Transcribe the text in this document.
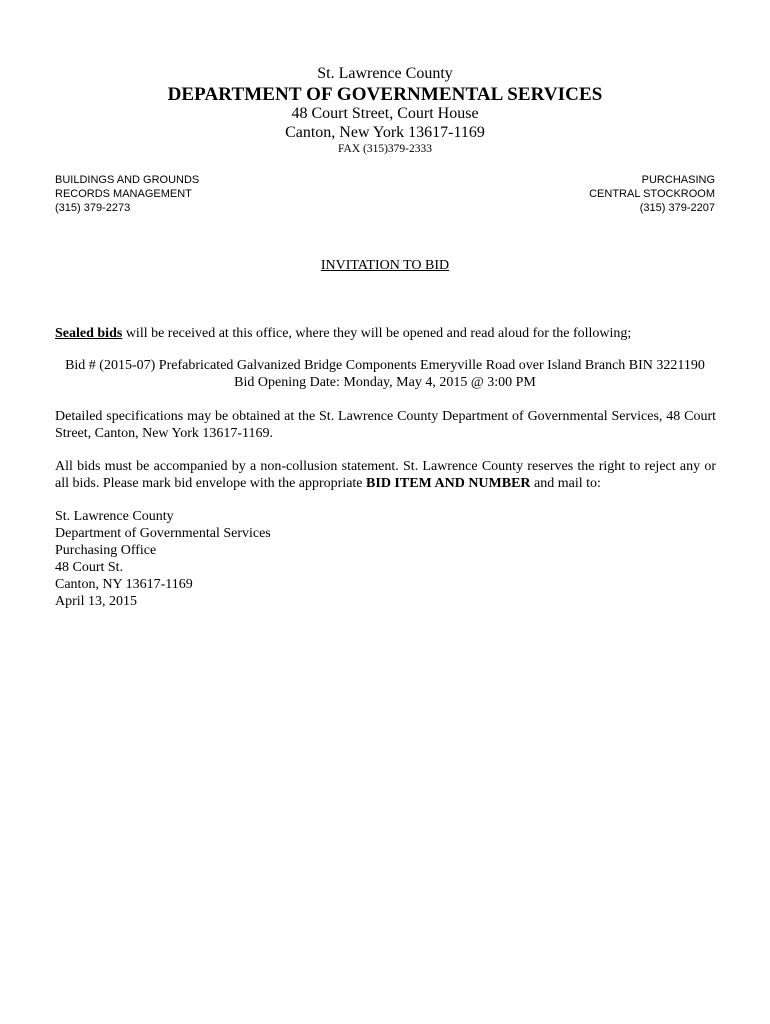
St. Lawrence County
DEPARTMENT OF GOVERNMENTAL SERVICES
48 Court Street, Court House
Canton, New York 13617-1169
FAX (315)379-2333
BUILDINGS AND GROUNDS
RECORDS MANAGEMENT
(315) 379-2273
PURCHASING
CENTRAL STOCKROOM
(315) 379-2207
INVITATION TO BID
Sealed bids will be received at this office, where they will be opened and read aloud for the following;
Bid # (2015-07) Prefabricated Galvanized Bridge Components Emeryville Road over Island Branch BIN 3221190
Bid Opening Date: Monday, May 4, 2015 @ 3:00 PM
Detailed specifications may be obtained at the St. Lawrence County Department of Governmental Services, 48 Court Street, Canton, New York 13617-1169.
All bids must be accompanied by a non-collusion statement. St. Lawrence County reserves the right to reject any or all bids. Please mark bid envelope with the appropriate BID ITEM AND NUMBER and mail to:
St. Lawrence County
Department of Governmental Services
Purchasing Office
48 Court St.
Canton, NY 13617-1169
April 13, 2015
